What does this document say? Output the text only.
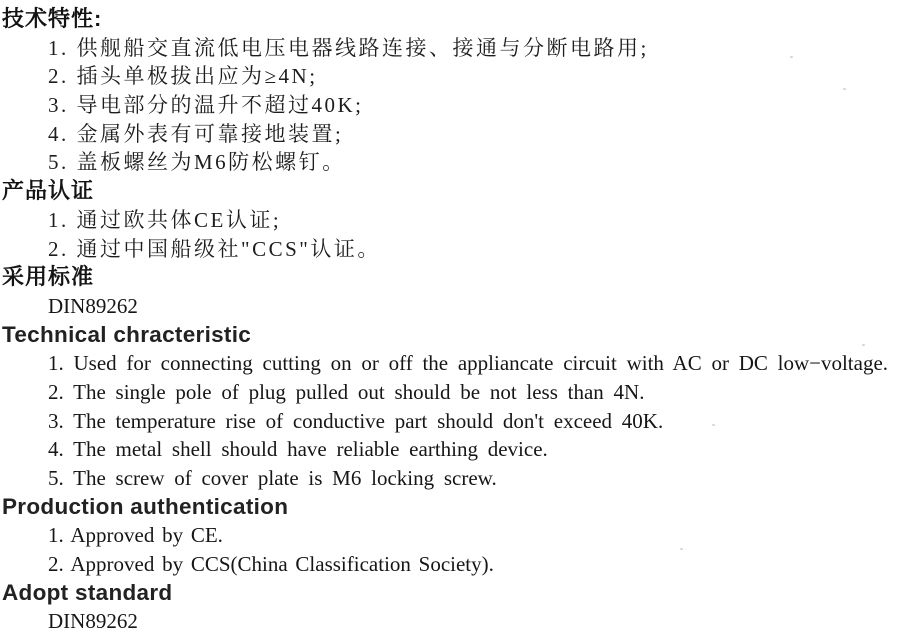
技术特性:
1. 供舰船交直流低电压电器线路连接、接通与分断电路用;
2. 插头单极拔出应为≥4N;
3. 导电部分的温升不超过40K;
4. 金属外表有可靠接地装置;
5. 盖板螺丝为M6防松螺钉。
产品认证
1. 通过欧共体CE认证;
2. 通过中国船级社"CCS"认证。
采用标准
DIN89262
Technical chracteristic
1. Used for connecting cutting on or off the appliancate circuit with AC or DC low−voltage.
2. The single pole of plug pulled out should be not less than 4N.
3. The temperature rise of conductive part should don't exceed 40K.
4. The metal shell should have reliable earthing device.
5. The screw of cover plate is M6 locking screw.
Production authentication
1. Approved by CE.
2. Approved by CCS(China Classification Society).
Adopt standard
DIN89262
